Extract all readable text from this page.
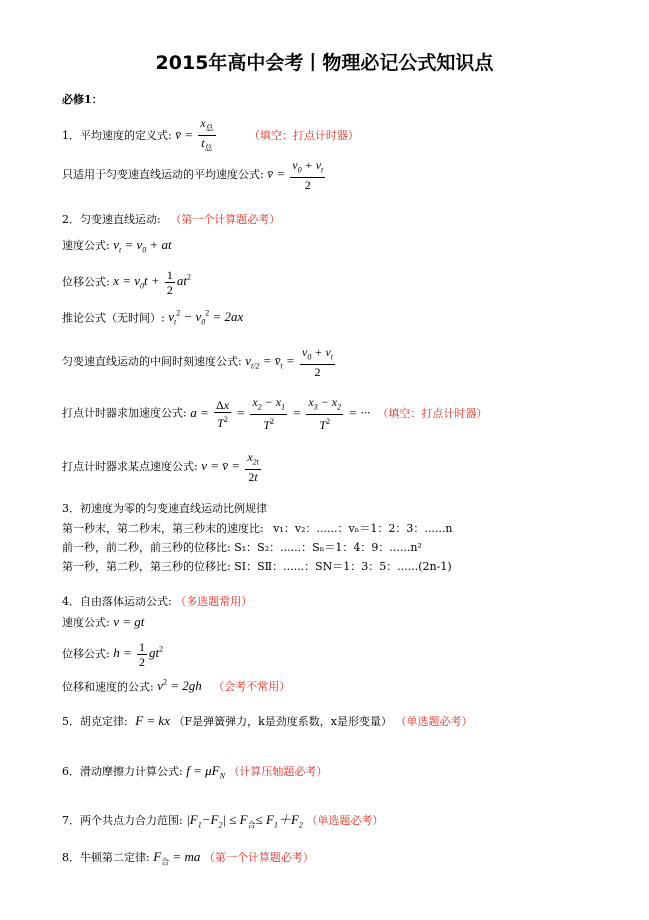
2015年高中会考丨物理必记公式知识点
必修1：
1．平均速度的定义式: v̄ = $\frac{x_总}{t_总}$	（填空：打点计时器）
只适用于匀变速直线运动的平均速度公式: v̄ = $\frac{v_0 + v_t}{2}$
2．匀变速直线运动: （第一个计算题必考）
速度公式: $v_t = v_0$ + at
位移公式: $x = v_0t + \frac{1}{2} at^2$
推论公式（无时间）: $v_t^2 - v_0^2 = 2ax$
匀变速直线运动的中间时刻速度公式: $v_{t/2}$ = $v̄_t = \frac{v_0 + v_t}{2}$
打点计时器求加速度公式: $a = \frac{\Delta x}{T^2} = \frac{x_2 - x_1}{T^2} = \frac{x_3 - x_2}{T^2}$ = ··· （填空：打点计时器）
打点计时器求某点速度公式: v = v̄ = $\frac{x_{2t}}{2t}$
3．初速度为零的匀变速直线运动比例规律
第一秒末，第二秒末，第三秒末的速度比: v₁：v₂：......：vₙ＝1：2：3：......n
前一秒，前二秒，前三秒的位移比: S₁：S₂：......：Sₙ＝1：4：9：......n²
第一秒，第二秒，第三秒的位移比: SⅠ：SⅡ：......：SN＝1：3：5：......(2n-1)
4．自由落体运动公式: （多选题常用）
速度公式: v = gt
位移公式: $h = \frac{1}{2} gt^2$
位移和速度的公式: $v^2 = 2gh$ （会考不常用）
5．胡克定律: F = kx （F是弹簧弹力，k是劲度系数，x是形变量） （单选题必考）
6．滑动摩擦力计算公式: $f = \mu F_N$ （计算压轴题必考）
7．两个共点力合力范围: $|F_1-F_2| \le F_合\le F_1+F_2$ （单选题必考）
8．牛顿第二定律: $F_合$ = ma （第一个计算题必考）
